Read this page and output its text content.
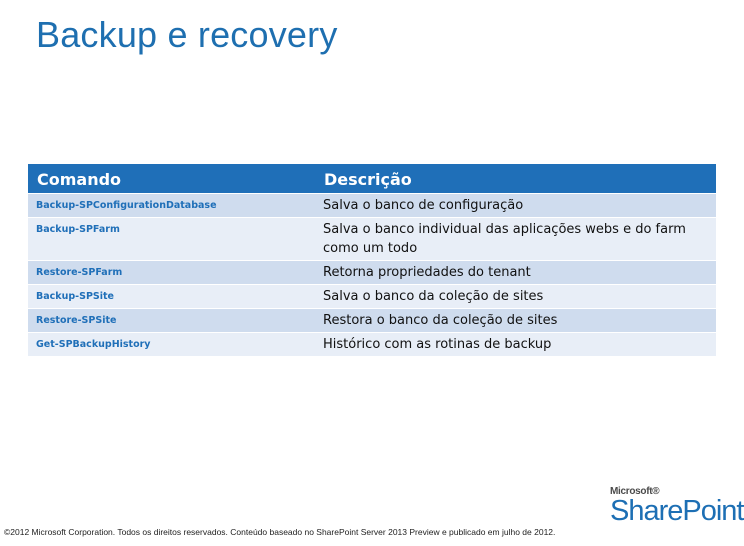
Backup e recovery
Comando	Descrição
Backup-SPConfigurationDatabase	Salva o banco de configuração
Backup-SPFarm	Salva o banco individual das aplicações webs e do farm como um todo
Restore-SPFarm	Retorna propriedades do tenant
Backup-SPSite	Salva o banco da coleção de sites
Restore-SPSite	Restora o banco da coleção de sites
Get-SPBackupHistory	Histórico com as rotinas de backup
©2012 Microsoft Corporation. Todos os direitos reservados. Conteúdo baseado no SharePoint Server 2013 Preview e publicado em julho de 2012.
Microsoft®
SharePoint
